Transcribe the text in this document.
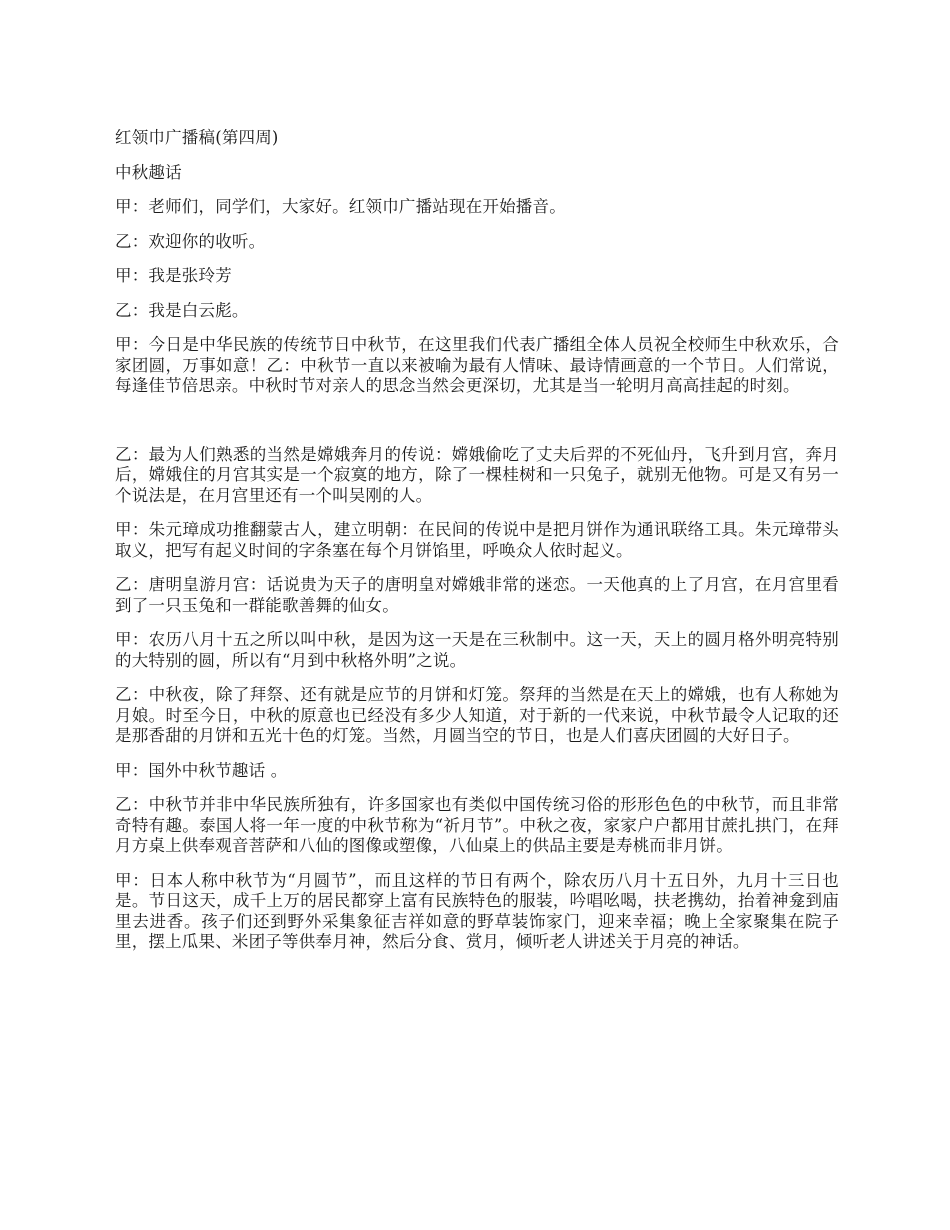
红领巾广播稿(第四周)

中秋趣话

甲：老师们，同学们，大家好。红领巾广播站现在开始播音。

乙：欢迎你的收听。

甲：我是张玲芳

乙：我是白云彪。

甲：今日是中华民族的传统节日中秋节，在这里我们代表广播组全体人员祝全校师生中秋欢乐，合家团圆，万事如意！乙：中秋节一直以来被喻为最有人情味、最诗情画意的一个节日。人们常说，每逢佳节倍思亲。中秋时节对亲人的思念当然会更深切，尤其是当一轮明月高高挂起的时刻。

乙：最为人们熟悉的当然是嫦娥奔月的传说：嫦娥偷吃了丈夫后羿的不死仙丹，飞升到月宫，奔月后，嫦娥住的月宫其实是一个寂寞的地方，除了一棵桂树和一只兔子，就别无他物。可是又有另一个说法是，在月宫里还有一个叫吴刚的人。

甲：朱元璋成功推翻蒙古人，建立明朝：在民间的传说中是把月饼作为通讯联络工具。朱元璋带头取义，把写有起义时间的字条塞在每个月饼馅里，呼唤众人依时起义。

乙：唐明皇游月宫：话说贵为天子的唐明皇对嫦娥非常的迷恋。一天他真的上了月宫，在月宫里看到了一只玉兔和一群能歌善舞的仙女。

甲：农历八月十五之所以叫中秋，是因为这一天是在三秋制中。这一天，天上的圆月格外明亮特别的大特别的圆，所以有“月到中秋格外明”之说。

乙：中秋夜，除了拜祭、还有就是应节的月饼和灯笼。祭拜的当然是在天上的嫦娥，也有人称她为月娘。时至今日，中秋的原意也已经没有多少人知道，对于新的一代来说，中秋节最令人记取的还是那香甜的月饼和五光十色的灯笼。当然，月圆当空的节日，也是人们喜庆团圆的大好日子。

甲：国外中秋节趣话 。

乙：中秋节并非中华民族所独有，许多国家也有类似中国传统习俗的形形色色的中秋节，而且非常奇特有趣。泰国人将一年一度的中秋节称为“祈月节”。中秋之夜，家家户户都用甘蔗扎拱门，在拜月方桌上供奉观音菩萨和八仙的图像或塑像，八仙桌上的供品主要是寿桃而非月饼。

甲：日本人称中秋节为“月圆节”，而且这样的节日有两个，除农历八月十五日外，九月十三日也是。节日这天，成千上万的居民都穿上富有民族特色的服装，吟唱吆喝，扶老携幼，抬着神龛到庙里去进香。孩子们还到野外采集象征吉祥如意的野草装饰家门，迎来幸福；晚上全家聚集在院子里，摆上瓜果、米团子等供奉月神，然后分食、赏月，倾听老人讲述关于月亮的神话。
